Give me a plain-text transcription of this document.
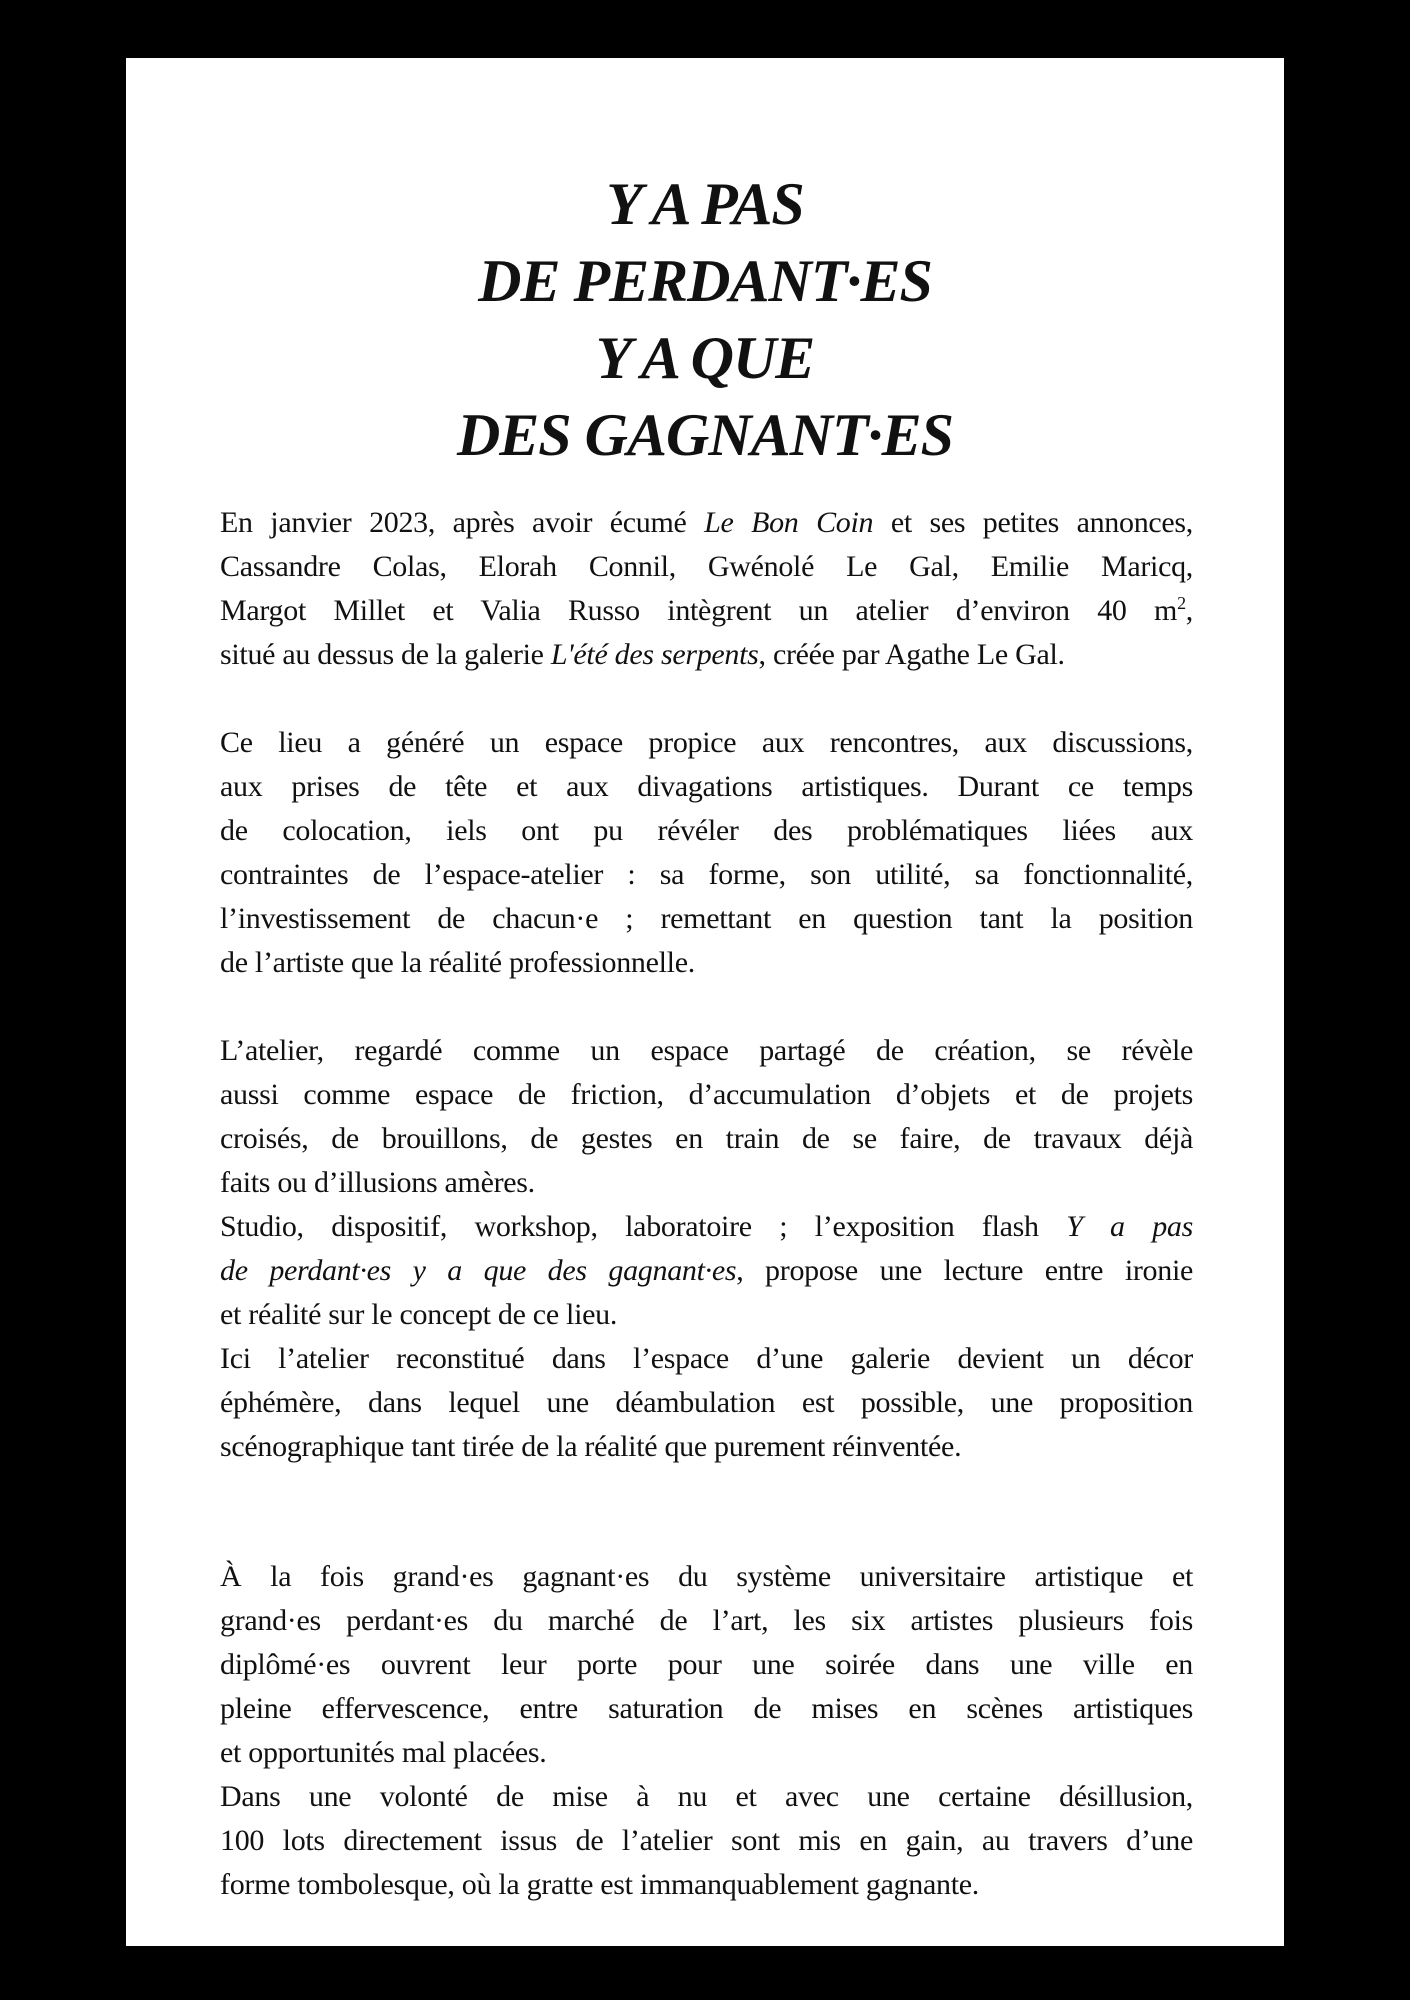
Y A PAS
DE PERDANT·ES
Y A QUE
DES GAGNANT·ES
En janvier 2023, après avoir écumé Le Bon Coin et ses petites annonces,
Cassandre Colas, Elorah Connil, Gwénolé Le Gal, Emilie Maricq,
Margot Millet et Valia Russo intègrent un atelier d’environ 40 $m^2$,
situé au dessus de la galerie L'été des serpents, créée par Agathe Le Gal.
Ce lieu a généré un espace propice aux rencontres, aux discussions,
aux prises de tête et aux divagations artistiques. Durant ce temps
de colocation, iels ont pu révéler des problématiques liées aux
contraintes de l’espace-atelier : sa forme, son utilité, sa fonctionnalité,
l’investissement de chacun·e ; remettant en question tant la position
de l’artiste que la réalité professionnelle.
L’atelier, regardé comme un espace partagé de création, se révèle
aussi comme espace de friction, d’accumulation d’objets et de projets
croisés, de brouillons, de gestes en train de se faire, de travaux déjà
faits ou d’illusions amères.
Studio, dispositif, workshop, laboratoire ; l’exposition flash Y a pas
de perdant·es y a que des gagnant·es, propose une lecture entre ironie
et réalité sur le concept de ce lieu.
Ici l’atelier reconstitué dans l’espace d’une galerie devient un décor
éphémère, dans lequel une déambulation est possible, une proposition
scénographique tant tirée de la réalité que purement réinventée.
À la fois grand·es gagnant·es du système universitaire artistique et
grand·es perdant·es du marché de l’art, les six artistes plusieurs fois
diplômé·es ouvrent leur porte pour une soirée dans une ville en
pleine effervescence, entre saturation de mises en scènes artistiques
et opportunités mal placées.
Dans une volonté de mise à nu et avec une certaine désillusion,
100 lots directement issus de l’atelier sont mis en gain, au travers d’une
forme tombolesque, où la gratte est immanquablement gagnante.
